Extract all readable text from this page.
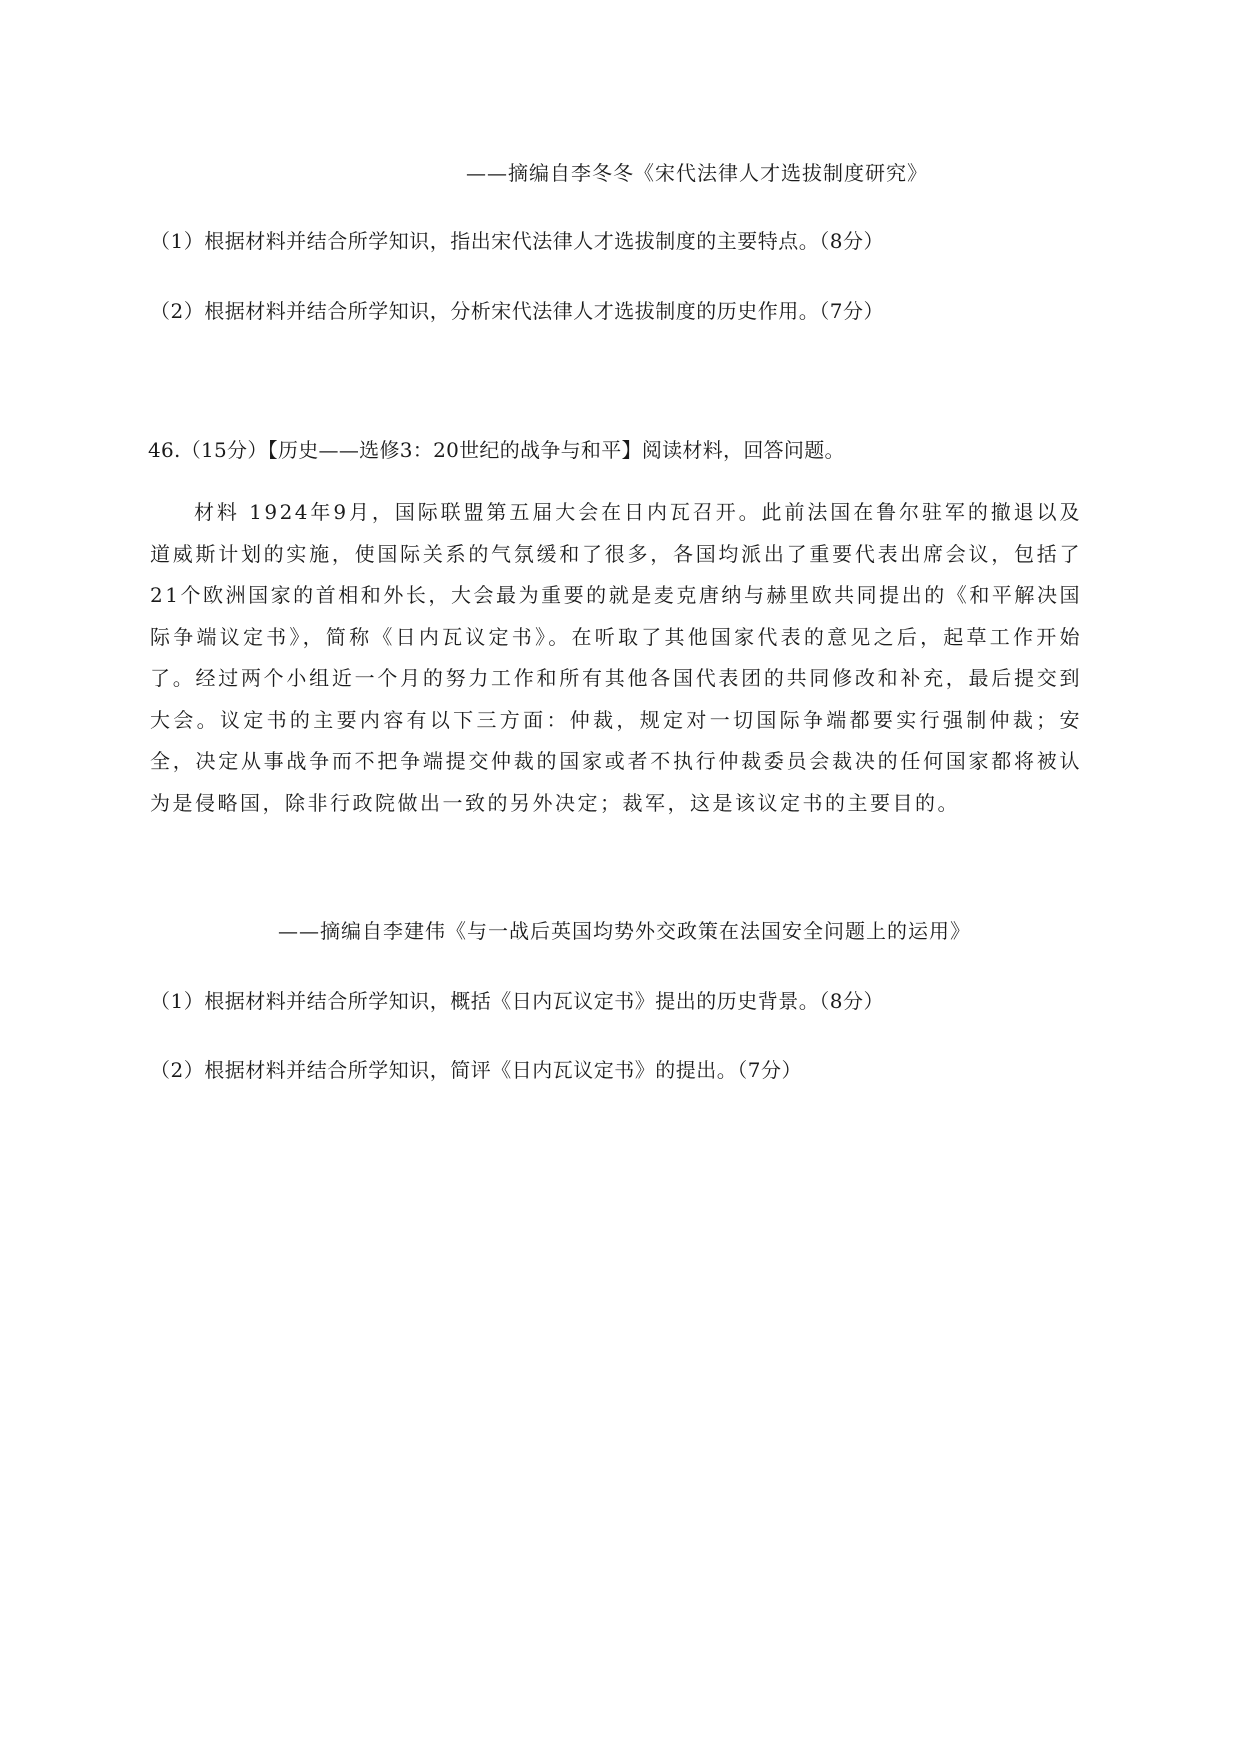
——摘编自李冬冬《宋代法律人才选拔制度研究》
（1）根据材料并结合所学知识，指出宋代法律人才选拔制度的主要特点。（8分）
（2）根据材料并结合所学知识，分析宋代法律人才选拔制度的历史作用。（7分）
46.（15分）【历史——选修3：20世纪的战争与和平】阅读材料，回答问题。
材料 1924年9月，国际联盟第五届大会在日内瓦召开。此前法国在鲁尔驻军的撤退以及道威斯计划的实施，使国际关系的气氛缓和了很多，各国均派出了重要代表出席会议，包括了21个欧洲国家的首相和外长，大会最为重要的就是麦克唐纳与赫里欧共同提出的《和平解决国际争端议定书》，简称《日内瓦议定书》。在听取了其他国家代表的意见之后，起草工作开始了。经过两个小组近一个月的努力工作和所有其他各国代表团的共同修改和补充，最后提交到大会。议定书的主要内容有以下三方面：仲裁，规定对一切国际争端都要实行强制仲裁；安全，决定从事战争而不把争端提交仲裁的国家或者不执行仲裁委员会裁决的任何国家都将被认为是侵略国，除非行政院做出一致的另外决定；裁军，这是该议定书的主要目的。
——摘编自李建伟《与一战后英国均势外交政策在法国安全问题上的运用》
（1）根据材料并结合所学知识，概括《日内瓦议定书》提出的历史背景。（8分）
（2）根据材料并结合所学知识，简评《日内瓦议定书》的提出。（7分）
